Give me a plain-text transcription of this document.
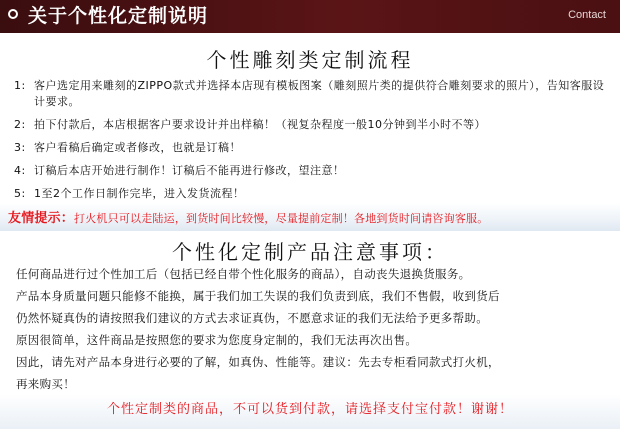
关于个性化定制说明	Contact
个性雕刻类定制流程
1: 客户选定用来雕刻的ZIPPO款式并选择本店现有模板图案（雕刻照片类的提供符合雕刻要求的照片），告知客服设计要求。
2: 拍下付款后，本店根据客户要求设计并出样稿！（视复杂程度一般10分钟到半小时不等）
3: 客户看稿后确定或者修改，也就是订稿！
4: 订稿后本店开始进行制作！订稿后不能再进行修改，望注意！
5: 1至2个工作日制作完毕，进入发货流程！
友情提示：打火机只可以走陆运，到货时间比较慢，尽量提前定制！各地到货时间请咨询客服。
个性化定制产品注意事项：
任何商品进行过个性加工后（包括已经自带个性化服务的商品），自动丧失退换货服务。
产品本身质量问题只能修不能换，属于我们加工失误的我们负责到底，我们不售假，收到货后
仍然怀疑真伪的请按照我们建议的方式去求证真伪，不愿意求证的我们无法给予更多帮助。
原因很简单，这件商品是按照您的要求为您度身定制的，我们无法再次出售。
因此，请先对产品本身进行必要的了解，如真伪、性能等。建议：先去专柜看同款式打火机，
再来购买！
个性定制类的商品，不可以货到付款，请选择支付宝付款！谢谢！
